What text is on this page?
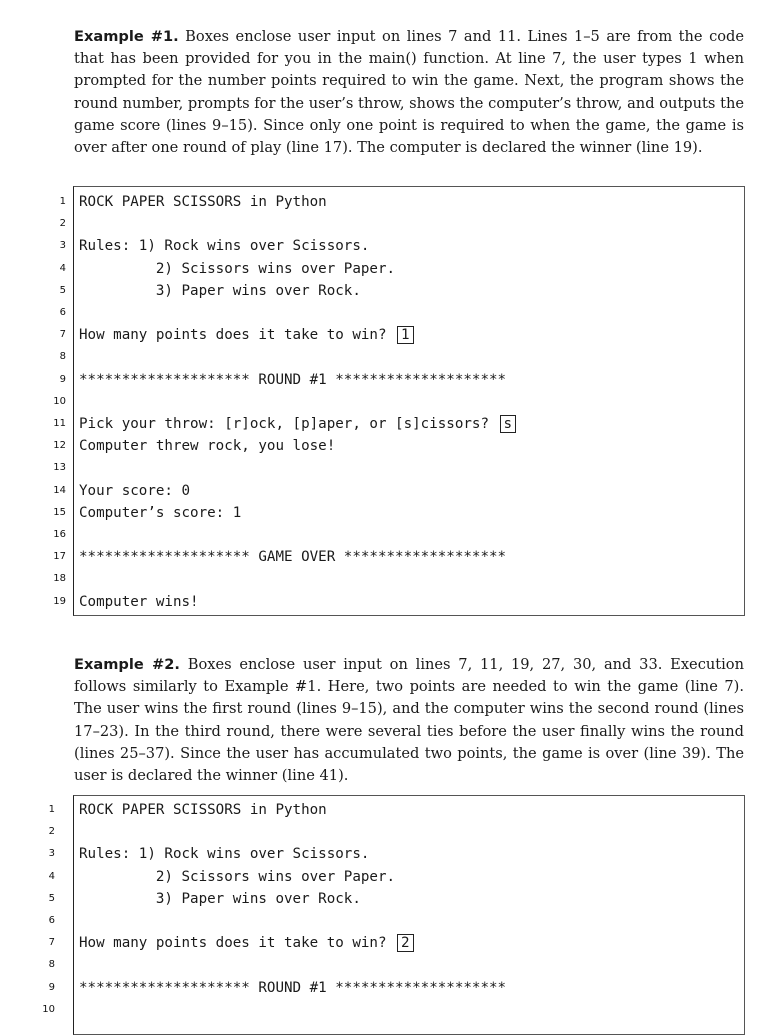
Example #1. Boxes enclose user input on lines 7 and 11. Lines 1–5 are from the code that has been provided for you in the main() function. At line 7, the user types 1 when prompted for the number points required to win the game. Next, the program shows the round number, prompts for the user’s throw, shows the computer’s throw, and outputs the game score (lines 9–15). Since only one point is required to when the game, the game is over after one round of play (line 17). The computer is declared the winner (line 19).

1 ROCK PAPER SCISSORS in Python
2
3 Rules: 1) Rock wins over Scissors.
4 2) Scissors wins over Paper.
5 3) Paper wins over Rock.
6
7 How many points does it take to win? 1
8
9 ******************** ROUND #1 ********************
10
11 Pick your throw: [r]ock, [p]aper, or [s]cissors? s
12 Computer threw rock, you lose!
13
14 Your score: 0
15 Computer’s score: 1
16
17 ******************** GAME OVER *******************
18
19 Computer wins!

Example #2. Boxes enclose user input on lines 7, 11, 19, 27, 30, and 33. Execution follows similarly to Example #1. Here, two points are needed to win the game (line 7). The user wins the first round (lines 9–15), and the computer wins the second round (lines 17–23). In the third round, there were several ties before the user finally wins the round (lines 25–37). Since the user has accumulated two points, the game is over (line 39). The user is declared the winner (line 41).

1 ROCK PAPER SCISSORS in Python
2
3 Rules: 1) Rock wins over Scissors.
4 2) Scissors wins over Paper.
5 3) Paper wins over Rock.
6
7 How many points does it take to win? 2
8
9 ******************** ROUND #1 ********************
10
